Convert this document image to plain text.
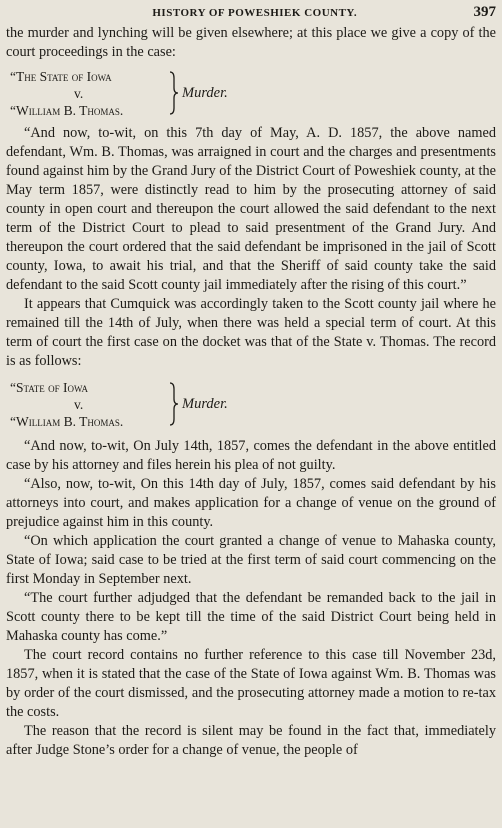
HISTORY OF POWESHIEK COUNTY.	397

the murder and lynching will be given elsewhere; at this place we give a copy of the court proceedings in the case:

“The State of Iowa
v.
“William B. Thomas.
Murder.

“And now, to-wit, on this 7th day of May, A. D. 1857, the above named defendant, Wm. B. Thomas, was arraigned in court and the charges and presentments found against him by the Grand Jury of the District Court of Poweshiek county, at the May term 1857, were distinctly read to him by the prosecuting attorney of said county in open court and thereupon the court allowed the said defendant to the next term of the District Court to plead to said presentment of the Grand Jury. And thereupon the court ordered that the said defendant be imprisoned in the jail of Scott county, Iowa, to await his trial, and that the Sheriff of said county take the said defendant to the said Scott county jail immediately after the rising of this court.”

It appears that Cumquick was accordingly taken to the Scott county jail where he remained till the 14th of July, when there was held a special term of court. At this term of court the first case on the docket was that of the State v. Thomas. The record is as follows:

“State of Iowa
v.
“William B. Thomas.
Murder.

“And now, to-wit, On July 14th, 1857, comes the defendant in the above entitled case by his attorney and files herein his plea of not guilty.

“Also, now, to-wit, On this 14th day of July, 1857, comes said defendant by his attorneys into court, and makes application for a change of venue on the ground of prejudice against him in this county.

“On which application the court granted a change of venue to Mahaska county, State of Iowa; said case to be tried at the first term of said court commencing on the first Monday in September next.

“The court further adjudged that the defendant be remanded back to the jail in Scott county there to be kept till the time of the said District Court being held in Mahaska county has come.”

The court record contains no further reference to this case till November 23d, 1857, when it is stated that the case of the State of Iowa against Wm. B. Thomas was by order of the court dismissed, and the prosecuting attorney made a motion to re-tax the costs.

The reason that the record is silent may be found in the fact that, immediately after Judge Stone’s order for a change of venue, the people of
